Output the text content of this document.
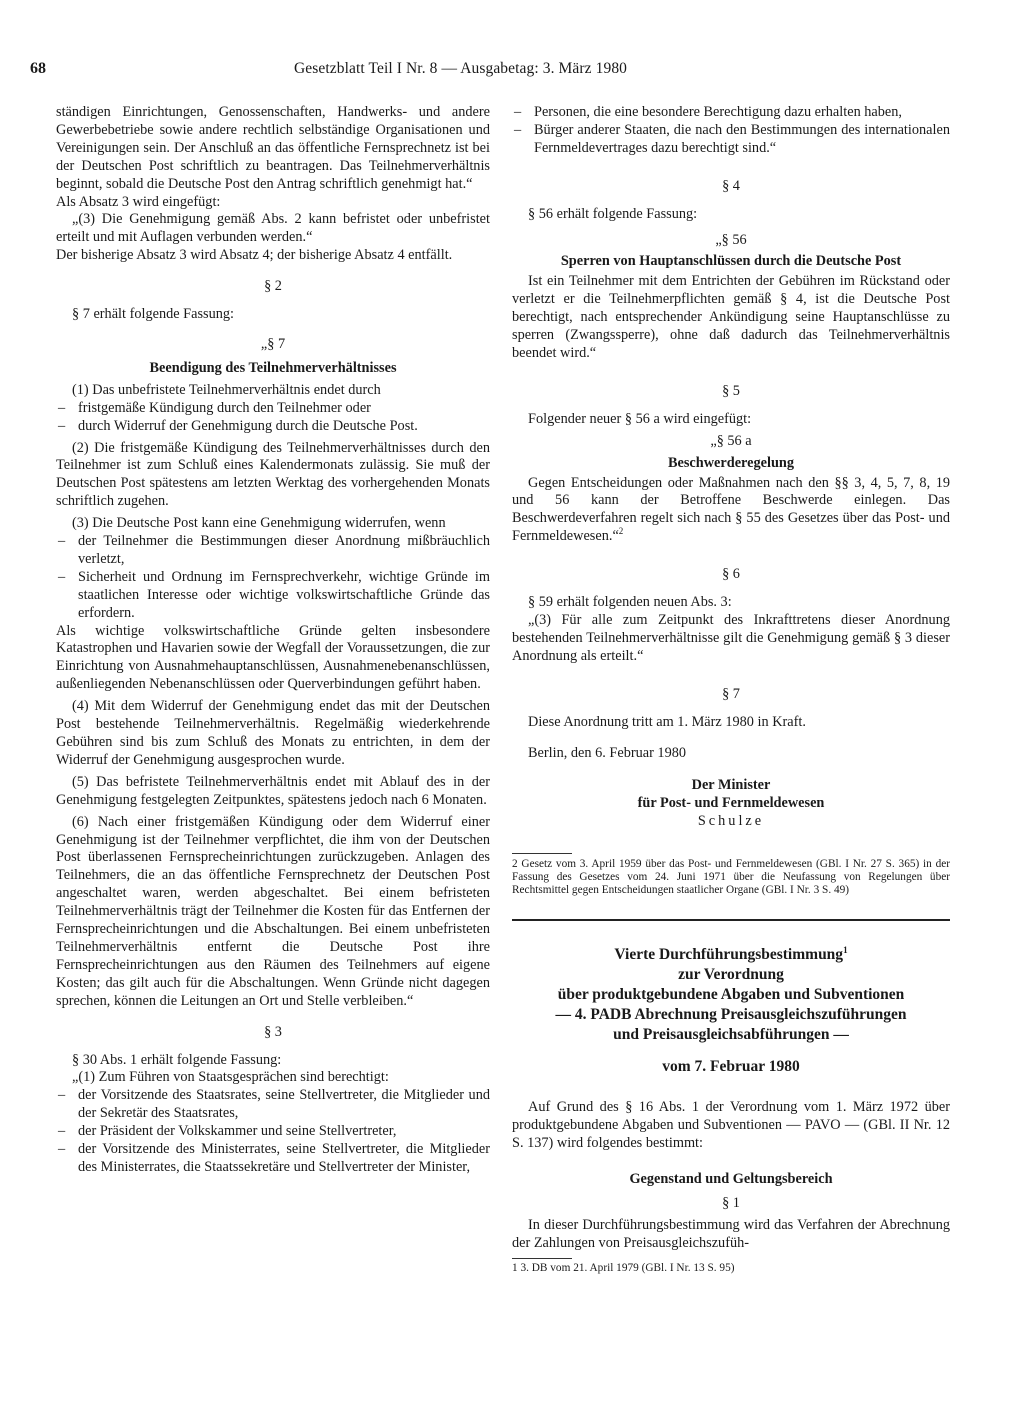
68	Gesetzblatt Teil I Nr. 8 — Ausgabetag: 3. März 1980

ständigen Einrichtungen, Genossenschaften, Handwerks- und andere Gewerbebetriebe sowie andere rechtlich selbständige Organisationen und Vereinigungen sein. Der Anschluß an das öffentliche Fernsprechnetz ist bei der Deutschen Post schriftlich zu beantragen. Das Teilnehmerverhältnis beginnt, sobald die Deutsche Post den Antrag schriftlich genehmigt hat.“

Als Absatz 3 wird eingefügt:

„(3) Die Genehmigung gemäß Abs. 2 kann befristet oder unbefristet erteilt und mit Auflagen verbunden werden.“

Der bisherige Absatz 3 wird Absatz 4; der bisherige Absatz 4 entfällt.

§ 2

§ 7 erhält folgende Fassung:

„§ 7

Beendigung des Teilnehmerverhältnisses

(1) Das unbefristete Teilnehmerverhältnis endet durch

– fristgemäße Kündigung durch den Teilnehmer oder

– durch Widerruf der Genehmigung durch die Deutsche Post.

(2) Die fristgemäße Kündigung des Teilnehmerverhältnisses durch den Teilnehmer ist zum Schluß eines Kalendermonats zulässig. Sie muß der Deutschen Post spätestens am letzten Werktag des vorhergehenden Monats schriftlich zugehen.

(3) Die Deutsche Post kann eine Genehmigung widerrufen, wenn

– der Teilnehmer die Bestimmungen dieser Anordnung mißbräuchlich verletzt,

– Sicherheit und Ordnung im Fernsprechverkehr, wichtige Gründe im staatlichen Interesse oder wichtige volkswirtschaftliche Gründe das erfordern.

Als wichtige volkswirtschaftliche Gründe gelten insbesondere Katastrophen und Havarien sowie der Wegfall der Voraussetzungen, die zur Einrichtung von Ausnahmehauptanschlüssen, Ausnahmenebenanschlüssen, außenliegenden Nebenanschlüssen oder Querverbindungen geführt haben.

(4) Mit dem Widerruf der Genehmigung endet das mit der Deutschen Post bestehende Teilnehmerverhältnis. Regelmäßig wiederkehrende Gebühren sind bis zum Schluß des Monats zu entrichten, in dem der Widerruf der Genehmigung ausgesprochen wurde.

(5) Das befristete Teilnehmerverhältnis endet mit Ablauf des in der Genehmigung festgelegten Zeitpunktes, spätestens jedoch nach 6 Monaten.

(6) Nach einer fristgemäßen Kündigung oder dem Widerruf einer Genehmigung ist der Teilnehmer verpflichtet, die ihm von der Deutschen Post überlassenen Fernsprecheinrichtungen zurückzugeben. Anlagen des Teilnehmers, die an das öffentliche Fernsprechnetz der Deutschen Post angeschaltet waren, werden abgeschaltet. Bei einem befristeten Teilnehmerverhältnis trägt der Teilnehmer die Kosten für das Entfernen der Fernsprecheinrichtungen und die Abschaltungen. Bei einem unbefristeten Teilnehmerverhältnis entfernt die Deutsche Post ihre Fernsprecheinrichtungen aus den Räumen des Teilnehmers auf eigene Kosten; das gilt auch für die Abschaltungen. Wenn Gründe nicht dagegen sprechen, können die Leitungen an Ort und Stelle verbleiben.“

§ 3

§ 30 Abs. 1 erhält folgende Fassung:

„(1) Zum Führen von Staatsgesprächen sind berechtigt:

– der Vorsitzende des Staatsrates, seine Stellvertreter, die Mitglieder und der Sekretär des Staatsrates,

– der Präsident der Volkskammer und seine Stellvertreter,

– der Vorsitzende des Ministerrates, seine Stellvertreter, die Mitglieder des Ministerrates, die Staatssekretäre und Stellvertreter der Minister,

– Personen, die eine besondere Berechtigung dazu erhalten haben,

– Bürger anderer Staaten, die nach den Bestimmungen des internationalen Fernmeldevertrages dazu berechtigt sind.“

§ 4

§ 56 erhält folgende Fassung:

„§ 56

Sperren von Hauptanschlüssen durch die Deutsche Post

Ist ein Teilnehmer mit dem Entrichten der Gebühren im Rückstand oder verletzt er die Teilnehmerpflichten gemäß § 4, ist die Deutsche Post berechtigt, nach entsprechender Ankündigung seine Hauptanschlüsse zu sperren (Zwangssperre), ohne daß dadurch das Teilnehmerverhältnis beendet wird.“

§ 5

Folgender neuer § 56 a wird eingefügt:

„§ 56 a

Beschwerderegelung

Gegen Entscheidungen oder Maßnahmen nach den §§ 3, 4, 5, 7, 8, 19 und 56 kann der Betroffene Beschwerde einlegen. Das Beschwerdeverfahren regelt sich nach § 55 des Gesetzes über das Post- und Fernmeldewesen.“$^2$

§ 6

§ 59 erhält folgenden neuen Abs. 3:

„(3) Für alle zum Zeitpunkt des Inkrafttretens dieser Anordnung bestehenden Teilnehmerverhältnisse gilt die Genehmigung gemäß § 3 dieser Anordnung als erteilt.“

§ 7

Diese Anordnung tritt am 1. März 1980 in Kraft.

Berlin, den 6. Februar 1980

Der Minister

für Post- und Fernmeldewesen

Schulze

2 Gesetz vom 3. April 1959 über das Post- und Fernmeldewesen (GBl. I Nr. 27 S. 365) in der Fassung des Gesetzes vom 24. Juni 1971 über die Neufassung von Regelungen über Rechtsmittel gegen Entscheidungen staatlicher Organe (GBl. I Nr. 3 S. 49)

Vierte Durchführungsbestimmung$^1$

zur Verordnung

über produktgebundene Abgaben und Subventionen

— 4. PADB Abrechnung Preisausgleichszuführungen

und Preisausgleichsabführungen —

vom 7. Februar 1980

Auf Grund des § 16 Abs. 1 der Verordnung vom 1. März 1972 über produktgebundene Abgaben und Subventionen — PAVO — (GBl. II Nr. 12 S. 137) wird folgendes bestimmt:

Gegenstand und Geltungsbereich

§ 1

In dieser Durchführungsbestimmung wird das Verfahren der Abrechnung der Zahlungen von Preisausgleichszufüh-

1 3. DB vom 21. April 1979 (GBl. I Nr. 13 S. 95)
